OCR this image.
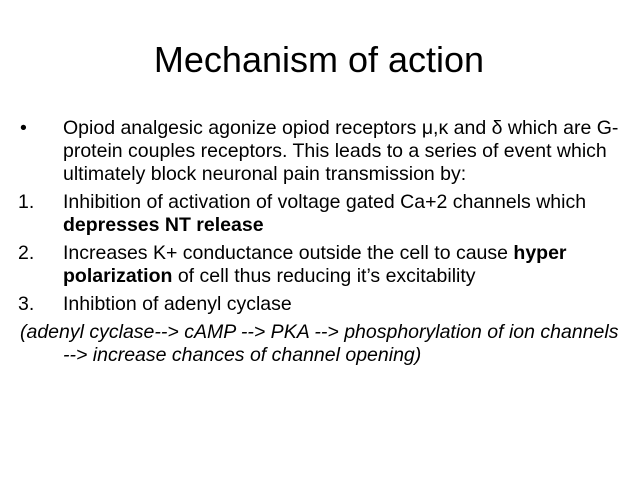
Mechanism of action
• Opiod analgesic agonize opiod receptors μ,κ and δ which are G-protein couples receptors. This leads to a series of event which ultimately block neuronal pain transmission by:
1. Inhibition of activation of voltage gated Ca+2 channels which depresses NT release
2. Increases K+ conductance outside the cell to cause hyper polarization of cell thus reducing it’s excitability
3. Inhibtion of adenyl cyclase
(adenyl cyclase--> cAMP --> PKA --> phosphorylation of ion channels --> increase chances of channel opening)
